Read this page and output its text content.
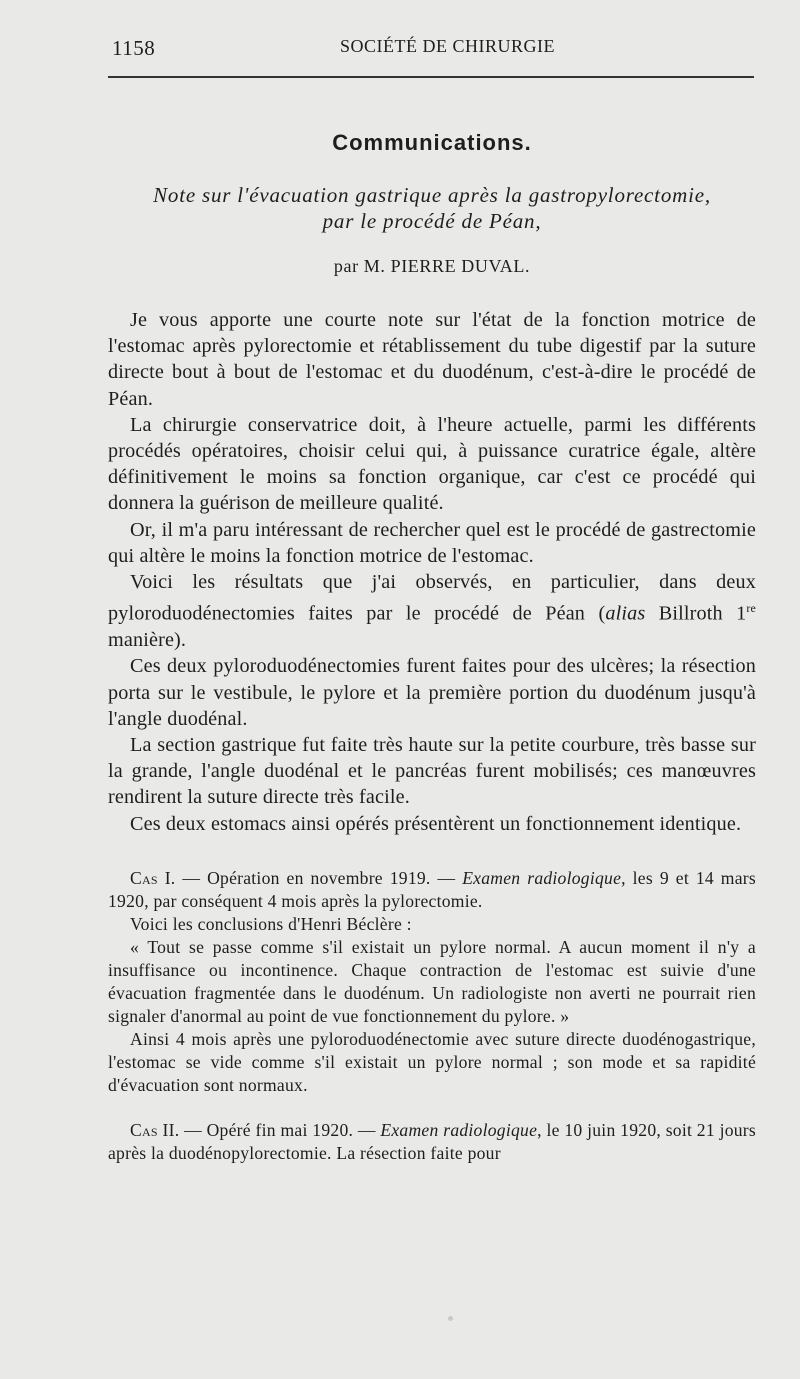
1158	SOCIÉTÉ DE CHIRURGIE
Communications.
Note sur l'évacuation gastrique après la gastropylorectomie,
par le procédé de Péan,
par M. PIERRE DUVAL.

Je vous apporte une courte note sur l'état de la fonction motrice de l'estomac après pylorectomie et rétablissement du tube digestif par la suture directe bout à bout de l'estomac et du duodénum, c'est-à-dire le procédé de Péan.

La chirurgie conservatrice doit, à l'heure actuelle, parmi les différents procédés opératoires, choisir celui qui, à puissance curatrice égale, altère définitivement le moins sa fonction organique, car c'est ce procédé qui donnera la guérison de meilleure qualité.

Or, il m'a paru intéressant de rechercher quel est le procédé de gastrectomie qui altère le moins la fonction motrice de l'estomac.

Voici les résultats que j'ai observés, en particulier, dans deux pyloroduodénectomies faites par le procédé de Péan (alias Billroth 1re manière).

Ces deux pyloroduodénectomies furent faites pour des ulcères; la résection porta sur le vestibule, le pylore et la première portion du duodénum jusqu'à l'angle duodénal.

La section gastrique fut faite très haute sur la petite courbure, très basse sur la grande, l'angle duodénal et le pancréas furent mobilisés; ces manœuvres rendirent la suture directe très facile.

Ces deux estomacs ainsi opérés présentèrent un fonctionnement identique.

Cas I. — Opération en novembre 1919. — Examen radiologique, les 9 et 14 mars 1920, par conséquent 4 mois après la pylorectomie.

Voici les conclusions d'Henri Béclère :

« Tout se passe comme s'il existait un pylore normal. A aucun moment il n'y a insuffisance ou incontinence. Chaque contraction de l'estomac est suivie d'une évacuation fragmentée dans le duodénum. Un radiologiste non averti ne pourrait rien signaler d'anormal au point de vue fonctionnement du pylore. »

Ainsi 4 mois après une pyloroduodénectomie avec suture directe duodénogastrique, l'estomac se vide comme s'il existait un pylore normal ; son mode et sa rapidité d'évacuation sont normaux.

Cas II. — Opéré fin mai 1920. — Examen radiologique, le 10 juin 1920, soit 21 jours après la duodénopylorectomie. La résection faite pour
